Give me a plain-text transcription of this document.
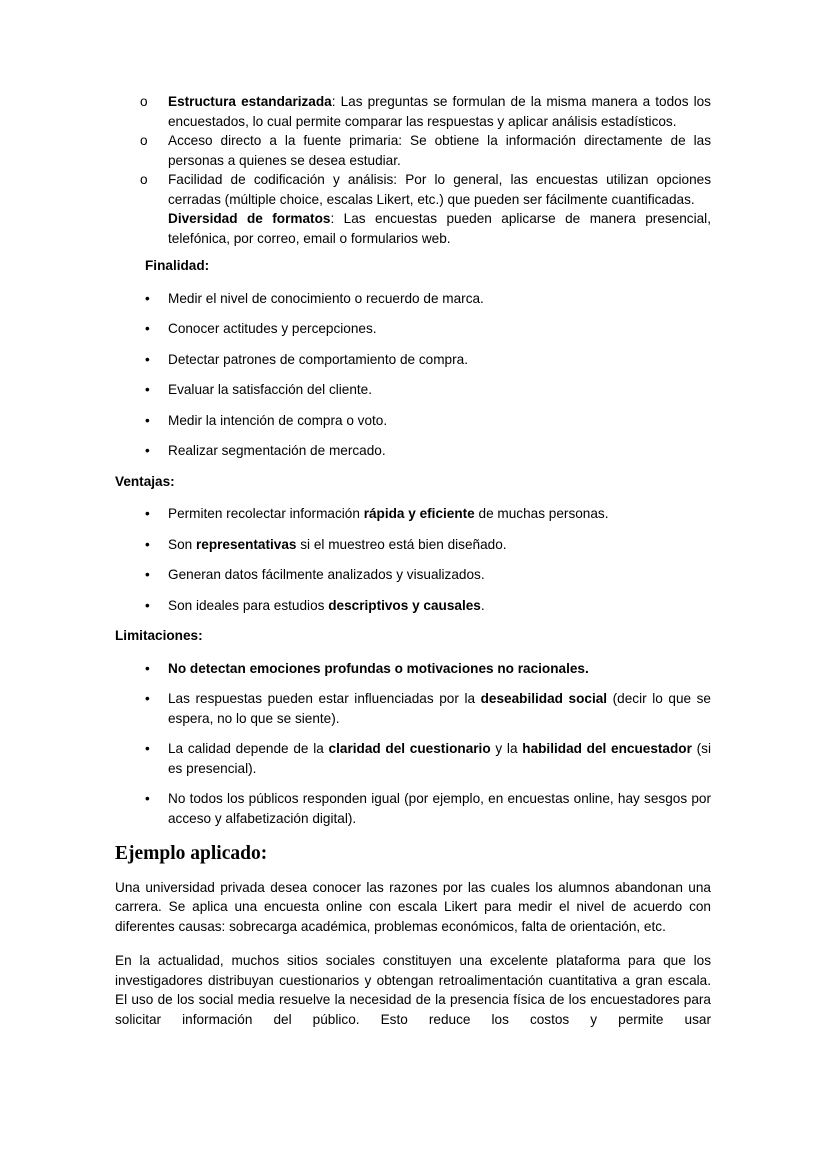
o	Estructura estandarizada: Las preguntas se formulan de la misma manera a todos los encuestados, lo cual permite comparar las respuestas y aplicar análisis estadísticos.
o	Acceso directo a la fuente primaria: Se obtiene la información directamente de las personas a quienes se desea estudiar.
o	Facilidad de codificación y análisis: Por lo general, las encuestas utilizan opciones cerradas (múltiple choice, escalas Likert, etc.) que pueden ser fácilmente cuantificadas.
Diversidad de formatos: Las encuestas pueden aplicarse de manera presencial, telefónica, por correo, email o formularios web.

Finalidad:

•	Medir el nivel de conocimiento o recuerdo de marca.
•	Conocer actitudes y percepciones.
•	Detectar patrones de comportamiento de compra.
•	Evaluar la satisfacción del cliente.
•	Medir la intención de compra o voto.
•	Realizar segmentación de mercado.

Ventajas:

•	Permiten recolectar información rápida y eficiente de muchas personas.
•	Son representativas si el muestreo está bien diseñado.
•	Generan datos fácilmente analizados y visualizados.
•	Son ideales para estudios descriptivos y causales.

Limitaciones:

•	No detectan emociones profundas o motivaciones no racionales.
•	Las respuestas pueden estar influenciadas por la deseabilidad social (decir lo que se espera, no lo que se siente).
•	La calidad depende de la claridad del cuestionario y la habilidad del encuestador (si es presencial).
•	No todos los públicos responden igual (por ejemplo, en encuestas online, hay sesgos por acceso y alfabetización digital).
Ejemplo aplicado:

Una universidad privada desea conocer las razones por las cuales los alumnos abandonan una carrera. Se aplica una encuesta online con escala Likert para medir el nivel de acuerdo con diferentes causas: sobrecarga académica, problemas económicos, falta de orientación, etc.

En la actualidad, muchos sitios sociales constituyen una excelente plataforma para que los investigadores distribuyan cuestionarios y obtengan retroalimentación cuantitativa a gran escala. El uso de los social media resuelve la necesidad de la presencia física de los encuestadores para solicitar información del público. Esto reduce los costos y permite usar
